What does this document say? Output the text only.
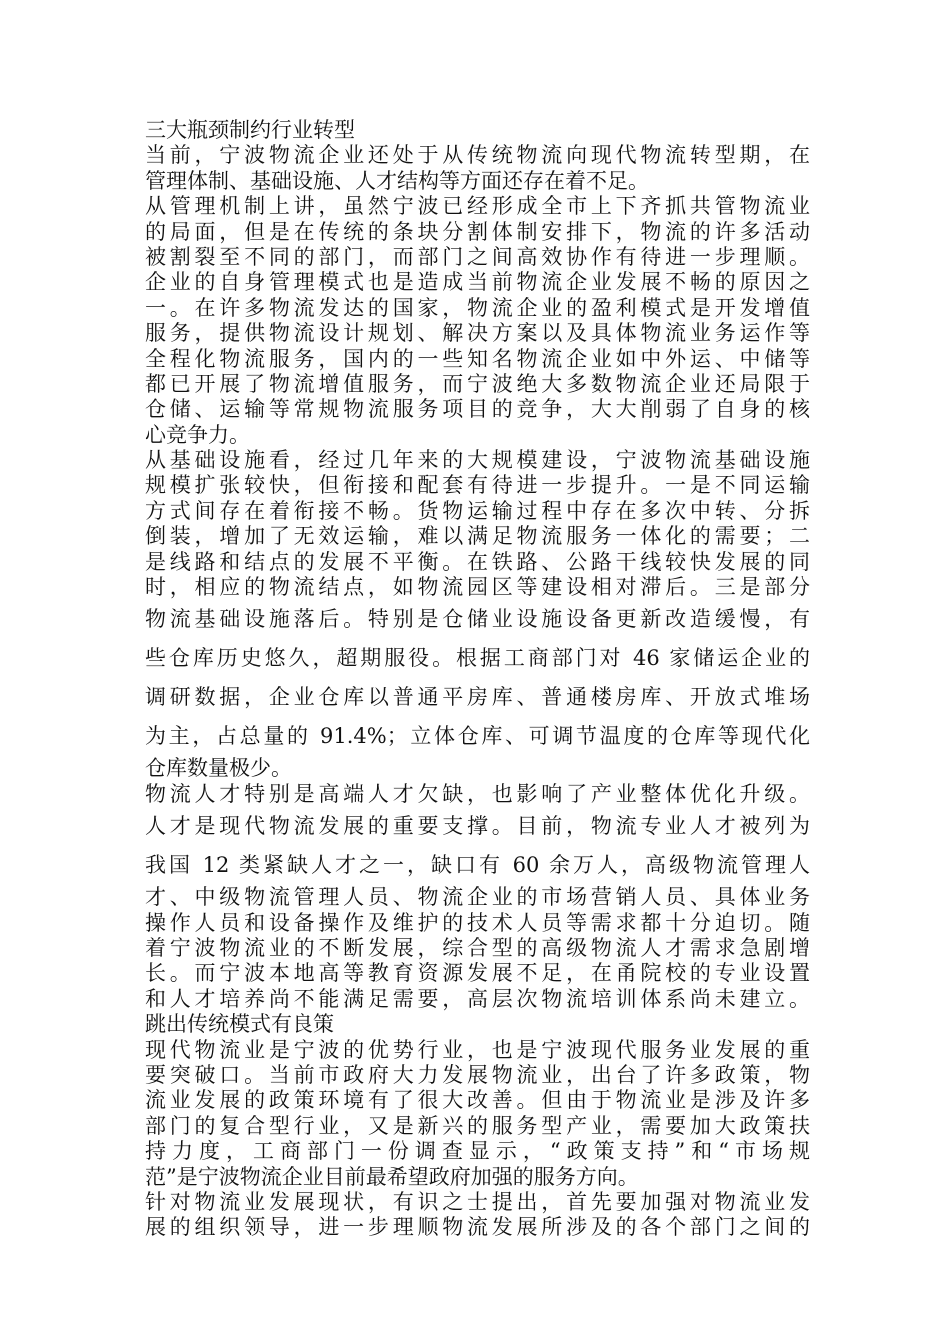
三大瓶颈制约行业转型
当前，宁波物流企业还处于从传统物流向现代物流转型期，在
管理体制、基础设施、人才结构等方面还存在着不足。
从管理机制上讲，虽然宁波已经形成全市上下齐抓共管物流业
的局面，但是在传统的条块分割体制安排下，物流的许多活动
被割裂至不同的部门，而部门之间高效协作有待进一步理顺。
企业的自身管理模式也是造成当前物流企业发展不畅的原因之
一。在许多物流发达的国家，物流企业的盈利模式是开发增值
服务，提供物流设计规划、解决方案以及具体物流业务运作等
全程化物流服务，国内的一些知名物流企业如中外运、中储等
都已开展了物流增值服务，而宁波绝大多数物流企业还局限于
仓储、运输等常规物流服务项目的竞争，大大削弱了自身的核
心竞争力。
从基础设施看，经过几年来的大规模建设，宁波物流基础设施
规模扩张较快，但衔接和配套有待进一步提升。一是不同运输
方式间存在着衔接不畅。货物运输过程中存在多次中转、分拆
倒装，增加了无效运输，难以满足物流服务一体化的需要；二
是线路和结点的发展不平衡。在铁路、公路干线较快发展的同
时，相应的物流结点，如物流园区等建设相对滞后。三是部分
物流基础设施落后。特别是仓储业设施设备更新改造缓慢，有
些仓库历史悠久，超期服役。根据工商部门对 46 家储运企业的
调研数据，企业仓库以普通平房库、普通楼房库、开放式堆场
为主，占总量的 91.4%；立体仓库、可调节温度的仓库等现代化
仓库数量极少。
物流人才特别是高端人才欠缺，也影响了产业整体优化升级。
人才是现代物流发展的重要支撑。目前，物流专业人才被列为
我国 12 类紧缺人才之一，缺口有 60 余万人，高级物流管理人
才、中级物流管理人员、物流企业的市场营销人员、具体业务
操作人员和设备操作及维护的技术人员等需求都十分迫切。随
着宁波物流业的不断发展，综合型的高级物流人才需求急剧增
长。而宁波本地高等教育资源发展不足，在甬院校的专业设置
和人才培养尚不能满足需要，高层次物流培训体系尚未建立。
跳出传统模式有良策
现代物流业是宁波的优势行业，也是宁波现代服务业发展的重
要突破口。当前市政府大力发展物流业，出台了许多政策，物
流业发展的政策环境有了很大改善。但由于物流业是涉及许多
部门的复合型行业，又是新兴的服务型产业，需要加大政策扶
持力度，工商部门一份调查显示，“政策支持”和“市场规
范”是宁波物流企业目前最希望政府加强的服务方向。
针对物流业发展现状，有识之士提出，首先要加强对物流业发
展的组织领导，进一步理顺物流发展所涉及的各个部门之间的
